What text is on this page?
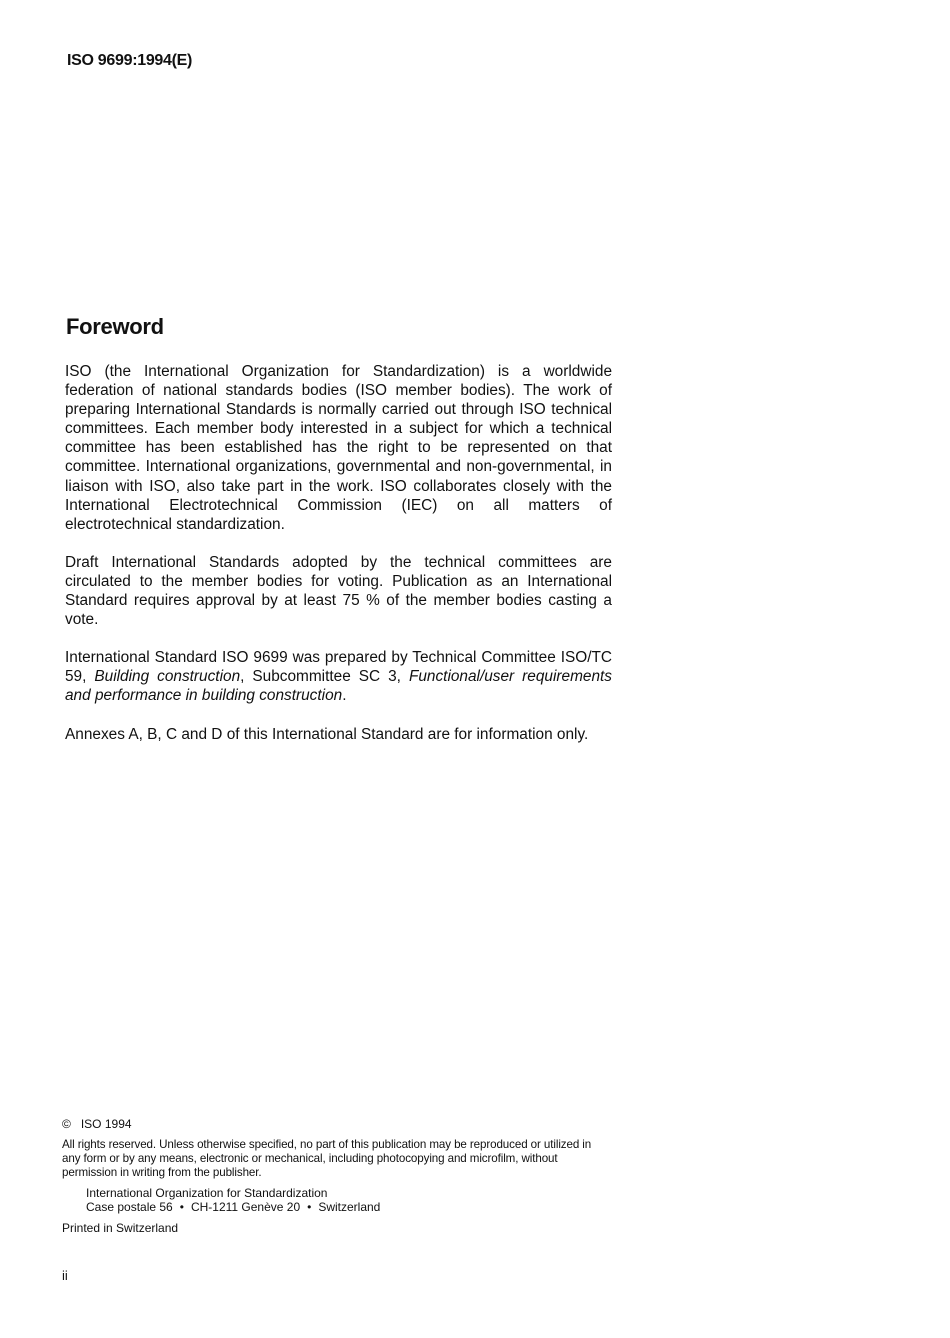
ISO 9699:1994(E)
Foreword

ISO (the International Organization for Standardization) is a worldwide federation of national standards bodies (ISO member bodies). The work of preparing International Standards is normally carried out through ISO technical committees. Each member body interested in a subject for which a technical committee has been established has the right to be represented on that committee. International organizations, governmental and non-governmental, in liaison with ISO, also take part in the work. ISO collaborates closely with the International Electrotechnical Commission (IEC) on all matters of electrotechnical standardization.

Draft International Standards adopted by the technical committees are circulated to the member bodies for voting. Publication as an International Standard requires approval by at least 75 % of the member bodies casting a vote.

International Standard ISO 9699 was prepared by Technical Committee ISO/TC 59, Building construction, Subcommittee SC 3, Functional/user requirements and performance in building construction.

Annexes A, B, C and D of this International Standard are for information only.

© ISO 1994
All rights reserved. Unless otherwise specified, no part of this publication may be reproduced or utilized in any form or by any means, electronic or mechanical, including photocopying and microfilm, without permission in writing from the publisher.
International Organization for Standardization
Case postale 56 • CH-1211 Genève 20 • Switzerland
Printed in Switzerland
ii
